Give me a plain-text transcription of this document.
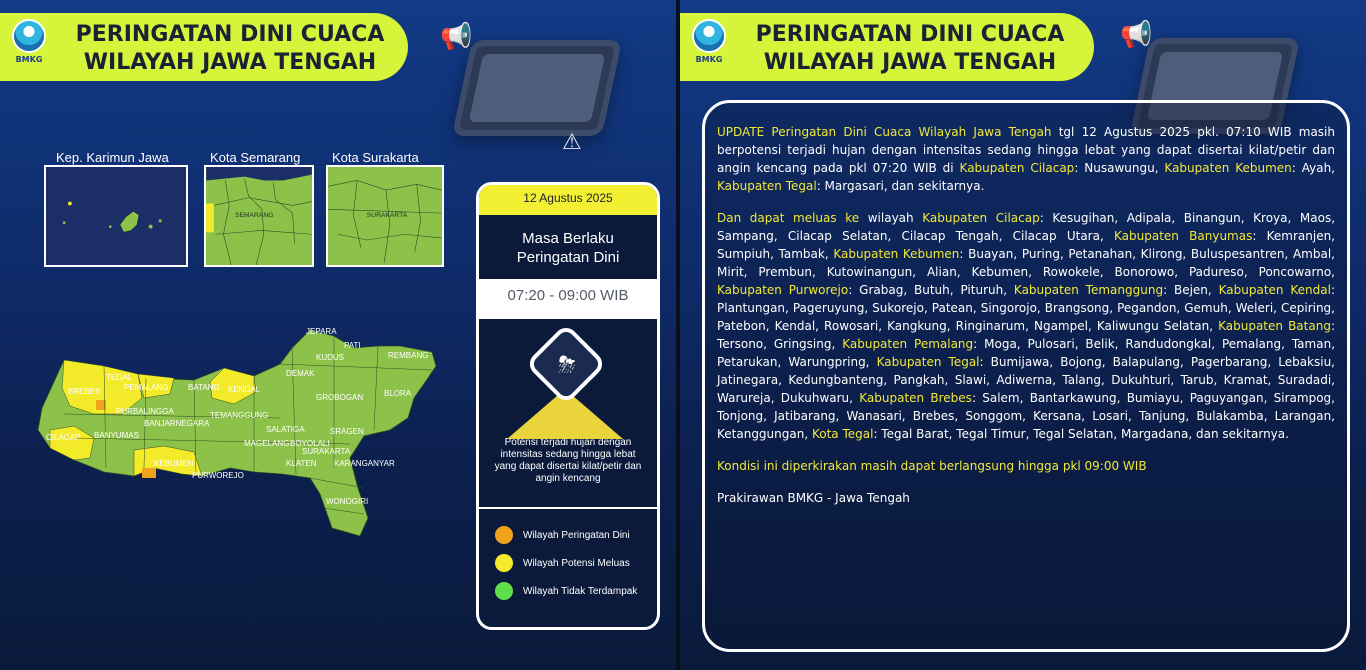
📢
⚠
BMKG
PERINGATAN DINI CUACA
WILAYAH JAWA TENGAH
Kep. Karimun Jawa	Kota Semarang Kota Surakarta
SEMARANG	SURAKARTA
JEPARA
PATI
KUDUS	REMBANG
TEGAL
BREBES	PEMALANG BATANG KENDAL
DEMAK
GROBOGAN	BLORA
PURBALINGGA
BANJARNEGARA
TEMANGGUNG
CILACAP BANYUMAS
SALATIGA	SRAGEN
MAGELANG BOYOLALI
SURAKARTA
KEBUMEN	KLATEN KARANGANYAR
PURWOREJO
WONOGIRI
12 Agustus 2025
Masa Berlaku
Peringatan Dini
07:20 - 09:00 WIB
⛈
Potensi terjadi hujan dengan intensitas sedang hingga lebat yang dapat disertai kilat/petir dan angin kencang
Wilayah Peringatan Dini
Wilayah Potensi Meluas
Wilayah Tidak Terdampak
📢
BMKG
PERINGATAN DINI CUACA
WILAYAH JAWA TENGAH

UPDATE Peringatan Dini Cuaca Wilayah Jawa Tengah tgl 12 Agustus 2025 pkl. 07:10 WIB masih berpotensi terjadi hujan dengan intensitas sedang hingga lebat yang dapat disertai kilat/petir dan angin kencang pada pkl 07:20 WIB di Kabupaten Cilacap: Nusawungu, Kabupaten Kebumen: Ayah, Kabupaten Tegal: Margasari, dan sekitarnya.

Dan dapat meluas ke wilayah Kabupaten Cilacap: Kesugihan, Adipala, Binangun, Kroya, Maos, Sampang, Cilacap Selatan, Cilacap Tengah, Cilacap Utara, Kabupaten Banyumas: Kemranjen, Sumpiuh, Tambak, Kabupaten Kebumen: Buayan, Puring, Petanahan, Klirong, Buluspesantren, Ambal, Mirit, Prembun, Kutowinangun, Alian, Kebumen, Rowokele, Bonorowo, Padureso, Poncowarno, Kabupaten Purworejo: Grabag, Butuh, Pituruh, Kabupaten Temanggung: Bejen, Kabupaten Kendal: Plantungan, Pageruyung, Sukorejo, Patean, Singorojo, Brangsong, Pegandon, Gemuh, Weleri, Cepiring, Patebon, Kendal, Rowosari, Kangkung, Ringinarum, Ngampel, Kaliwungu Selatan, Kabupaten Batang: Tersono, Gringsing, Kabupaten Pemalang: Moga, Pulosari, Belik, Randudongkal, Pemalang, Taman, Petarukan, Warungpring, Kabupaten Tegal: Bumijawa, Bojong, Balapulang, Pagerbarang, Lebaksiu, Jatinegara, Kedungbanteng, Pangkah, Slawi, Adiwerna, Talang, Dukuhturi, Tarub, Kramat, Suradadi, Warureja, Dukuhwaru, Kabupaten Brebes: Salem, Bantarkawung, Bumiayu, Paguyangan, Sirampog, Tonjong, Jatibarang, Wanasari, Brebes, Songgom, Kersana, Losari, Tanjung, Bulakamba, Larangan, Ketanggungan, Kota Tegal: Tegal Barat, Tegal Timur, Tegal Selatan, Margadana, dan sekitarnya.

Kondisi ini diperkirakan masih dapat berlangsung hingga pkl 09:00 WIB

Prakirawan BMKG - Jawa Tengah
